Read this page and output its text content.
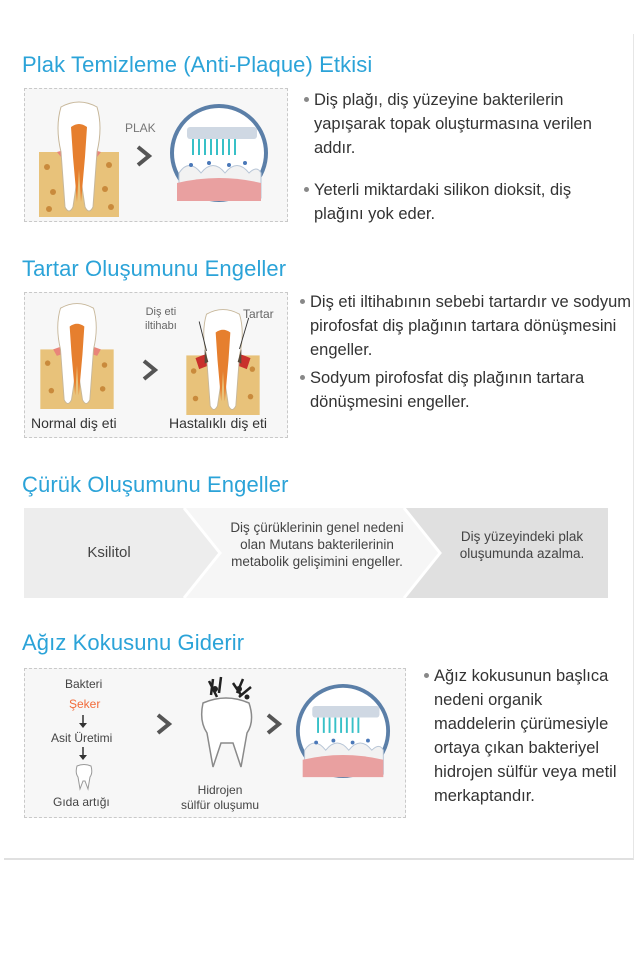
Plak Temizleme (Anti-Plaque) Etkisi
PLAK
Diş plağı, diş yüzeyine bakterilerin yapışarak topak oluşturmasına verilen addır.
Yeterli miktardaki silikon dioksit, diş plağını yok eder.
Tartar Oluşumunu Engeller
Diş eti
iltihabı
Tartar
Normal diş eti	Hastalıklı diş eti
Diş eti iltihabının sebebi tartardır ve sodyum pirofosfat diş plağının tartara dönüşmesini engeller.
Sodyum pirofosfat diş plağının tartara dönüşmesini engeller.
Çürük Oluşumunu Engeller
Ksilitol
Diş çürüklerinin genel nedeni olan Mutans bakterilerinin metabolik gelişimini engeller.
Diş yüzeyindeki plak oluşumunda azalma.
Ağız Kokusunu Giderir
Bakteri
Şeker
Asit Üretimi
Gıda artığı
Hidrojen
sülfür oluşumu
Ağız kokusunun başlıca nedeni organik maddelerin çürümesiyle ortaya çıkan bakteriyel hidrojen sülfür veya metil merkaptandır.
